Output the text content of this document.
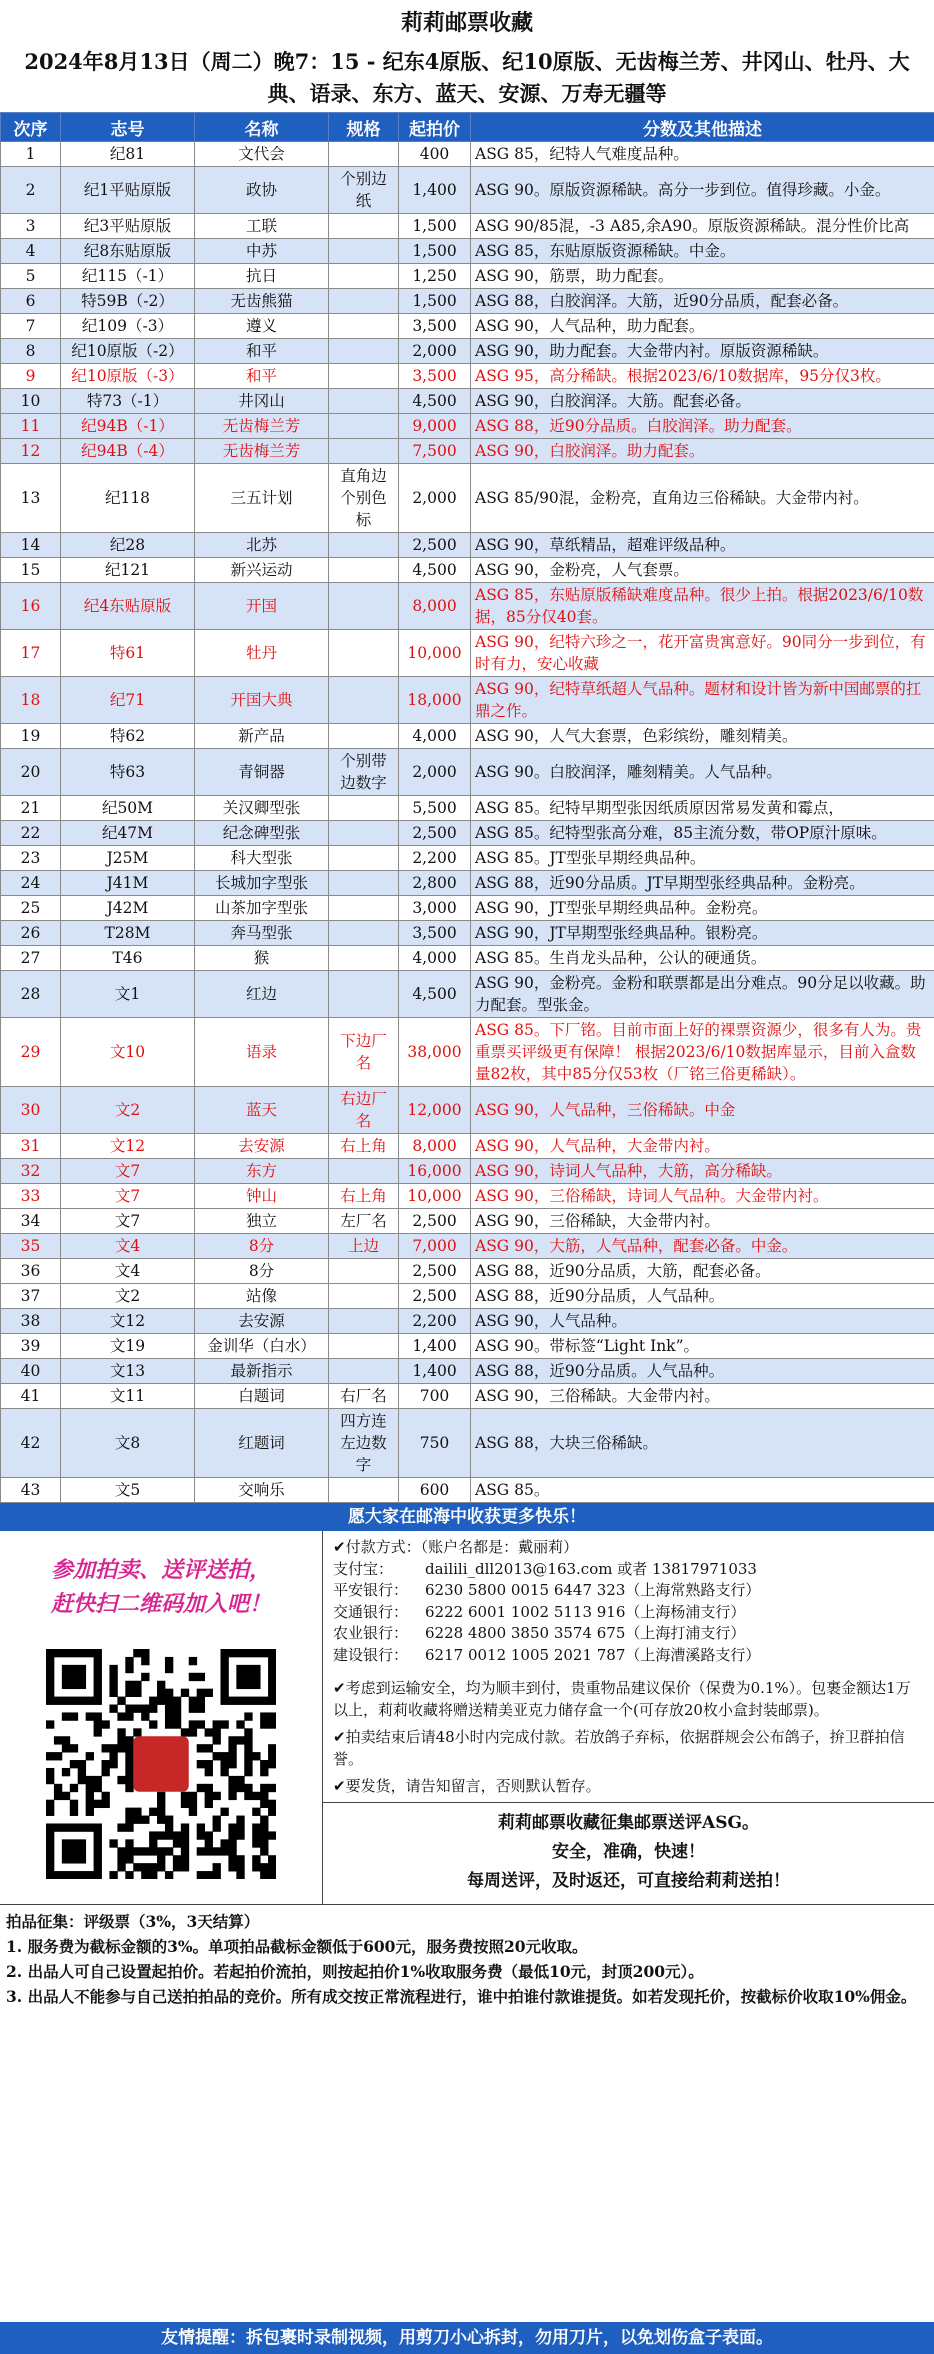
莉莉邮票收藏
2024年8月13日（周二）晚7：15 - 纪东4原版、纪10原版、无齿梅兰芳、井冈山、牡丹、大典、语录、东方、蓝天、安源、万寿无疆等
次序	志号	名称	规格	起拍价	分数及其他描述
1	纪81	文代会		400	ASG 85，纪特人气难度品种。
2	纪1平贴原版	政协	个别边纸	1,400	ASG 90。原版资源稀缺。高分一步到位。值得珍藏。小金。
3	纪3平贴原版	工联		1,500	ASG 90/85混，-3 A85,余A90。原版资源稀缺。混分性价比高
4	纪8东贴原版	中苏		1,500	ASG 85，东贴原版资源稀缺。中金。
5	纪115（-1）	抗日		1,250	ASG 90，筋票，助力配套。
6	特59B（-2）	无齿熊猫		1,500	ASG 88，白胶润泽。大筋，近90分品质，配套必备。
7	纪109（-3）	遵义		3,500	ASG 90，人气品种，助力配套。
8	纪10原版（-2）	和平		2,000	ASG 90，助力配套。大金带内衬。原版资源稀缺。
9	纪10原版（-3）	和平		3,500	ASG 95，高分稀缺。根据2023/6/10数据库，95分仅3枚。
10	特73（-1）	井冈山		4,500	ASG 90，白胶润泽。大筋。配套必备。
11	纪94B（-1）	无齿梅兰芳		9,000	ASG 88，近90分品质。白胶润泽。助力配套。
12	纪94B（-4）	无齿梅兰芳		7,500	ASG 90，白胶润泽。助力配套。
13	纪118	三五计划	直角边个别色标	2,000	ASG 85/90混，金粉亮，直角边三俗稀缺。大金带内衬。
14	纪28	北苏		2,500	ASG 90，草纸精品，超难评级品种。
15	纪121	新兴运动		4,500	ASG 90，金粉亮，人气套票。
16	纪4东贴原版	开国		8,000	ASG 85，东贴原版稀缺难度品种。很少上拍。根据2023/6/10数据，85分仅40套。
17	特61	牡丹		10,000	ASG 90，纪特六珍之一，花开富贵寓意好。90同分一步到位，有时有力，安心收藏
18	纪71	开国大典		18,000	ASG 90，纪特草纸超人气品种。题材和设计皆为新中国邮票的扛鼎之作。
19	特62	新产品		4,000	ASG 90，人气大套票，色彩缤纷，雕刻精美。
20	特63	青铜器	个别带边数字	2,000	ASG 90。白胶润泽，雕刻精美。人气品种。
21	纪50M	关汉卿型张		5,500	ASG 85。纪特早期型张因纸质原因常易发黄和霉点，
22	纪47M	纪念碑型张		2,500	ASG 85。纪特型张高分难，85主流分数，带OP原汁原味。
23	J25M	科大型张		2,200	ASG 85。JT型张早期经典品种。
24	J41M	长城加字型张		2,800	ASG 88，近90分品质。JT早期型张经典品种。金粉亮。
25	J42M	山茶加字型张		3,000	ASG 90，JT型张早期经典品种。金粉亮。
26	T28M	奔马型张		3,500	ASG 90，JT早期型张经典品种。银粉亮。
27	T46	猴		4,000	ASG 85。生肖龙头品种，公认的硬通货。
28	文1	红边		4,500	ASG 90，金粉亮。金粉和联票都是出分难点。90分足以收藏。助力配套。型张金。
29	文10	语录	下边厂名	38,000	ASG 85。下厂铭。目前市面上好的裸票资源少，很多有人为。贵重票买评级更有保障！ 根据2023/6/10数据库显示，目前入盒数量82枚，其中85分仅53枚（厂铭三俗更稀缺）。
30	文2	蓝天	右边厂名	12,000	ASG 90，人气品种，三俗稀缺。中金
31	文12	去安源	右上角	8,000	ASG 90，人气品种，大金带内衬。
32	文7	东方		16,000	ASG 90，诗词人气品种，大筋，高分稀缺。
33	文7	钟山	右上角	10,000	ASG 90，三俗稀缺，诗词人气品种。大金带内衬。
34	文7	独立	左厂名	2,500	ASG 90，三俗稀缺，大金带内衬。
35	文4	8分	上边	7,000	ASG 90，大筋，人气品种，配套必备。中金。
36	文4	8分		2,500	ASG 88，近90分品质，大筋，配套必备。
37	文2	站像		2,500	ASG 88，近90分品质，人气品种。
38	文12	去安源		2,200	ASG 90，人气品种。
39	文19	金训华（白水）		1,400	ASG 90。带标签“Light Ink”。
40	文13	最新指示		1,400	ASG 88，近90分品质。人气品种。
41	文11	白题词	右厂名	700	ASG 90，三俗稀缺。大金带内衬。
42	文8	红题词	四方连左边数字	750	ASG 88，大块三俗稀缺。
43	文5	交响乐		600	ASG 85。
愿大家在邮海中收获更多快乐！
参加拍卖、送评送拍，
赶快扫二维码加入吧！
✔付款方式：（账户名都是：戴丽莉）
支付宝：	dailili_dll2013@163.com 或者 13817971033
平安银行：	6230 5800 0015 6447 323（上海常熟路支行）
交通银行：	6222 6001 1002 5113 916（上海杨浦支行）
农业银行：	6228 4800 3850 3574 675（上海打浦支行）
建设银行：	6217 0012 1005 2021 787（上海漕溪路支行）

✔考虑到运输安全，均为顺丰到付，贵重物品建议保价（保费为0.1%）。包裹金额达1万以上，莉莉收藏将赠送精美亚克力储存盒一个(可存放20枚小盒封装邮票)。

✔拍卖结束后请48小时内完成付款。若放鸽子弃标，依据群规会公布鸽子，拚卫群拍信誉。

✔要发货，请告知留言，否则默认暂存。

莉莉邮票收藏征集邮票送评ASG。
安全，准确，快速！
每周送评，及时返还，可直接给莉莉送拍！
拍品征集：评级票（3%，3天结算）
1. 服务费为截标金额的3%。单项拍品截标金额低于600元，服务费按照20元收取。
2. 出品人可自己设置起拍价。若起拍价流拍，则按起拍价1%收取服务费（最低10元，封顶200元）。
3. 出品人不能参与自己送拍拍品的竞价。所有成交按正常流程进行，谁中拍谁付款谁提货。如若发现托价，按截标价收取10%佣金。
友情提醒：拆包裹时录制视频，用剪刀小心拆封，勿用刀片，以免划伤盒子表面。
